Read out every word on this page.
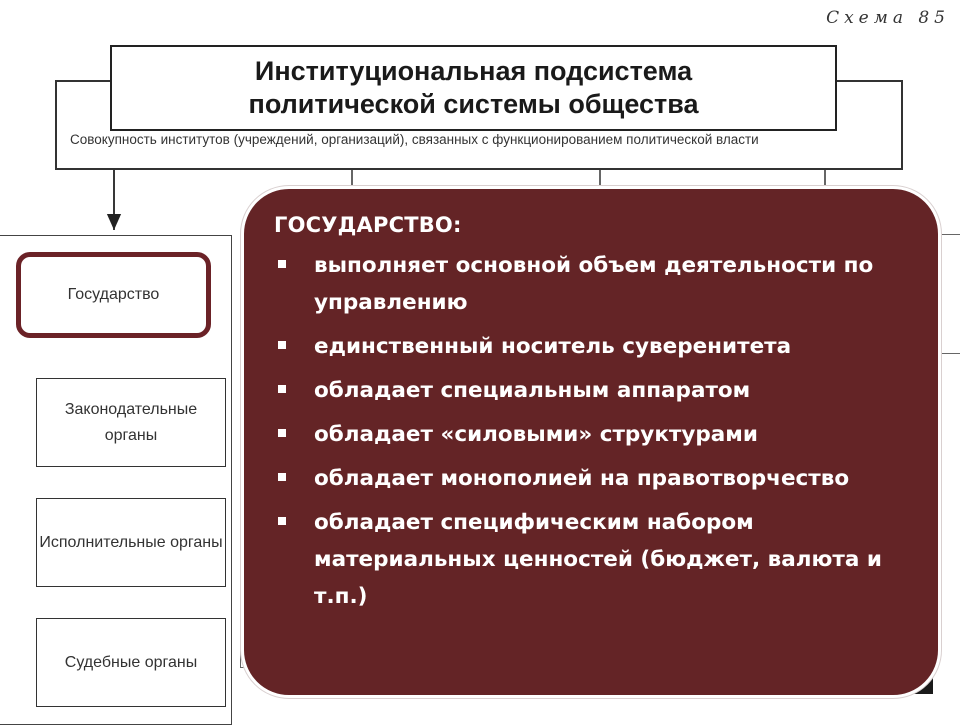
Схема 85
Институциональная подсистема
политической системы общества
Совокупность институтов (учреждений, организаций), связанных с функционированием политической власти
Государство
Законодательные органы
Исполнительные органы
Судебные органы
ГОСУДАРСТВО:
выполняет основной объем деятельности по управлению
единственный носитель суверенитета
обладает специальным аппаратом
обладает «силовыми» структурами
обладает монополией на правотворчество
обладает специфическим набором материальных ценностей (бюджет, валюта и т.п.)
